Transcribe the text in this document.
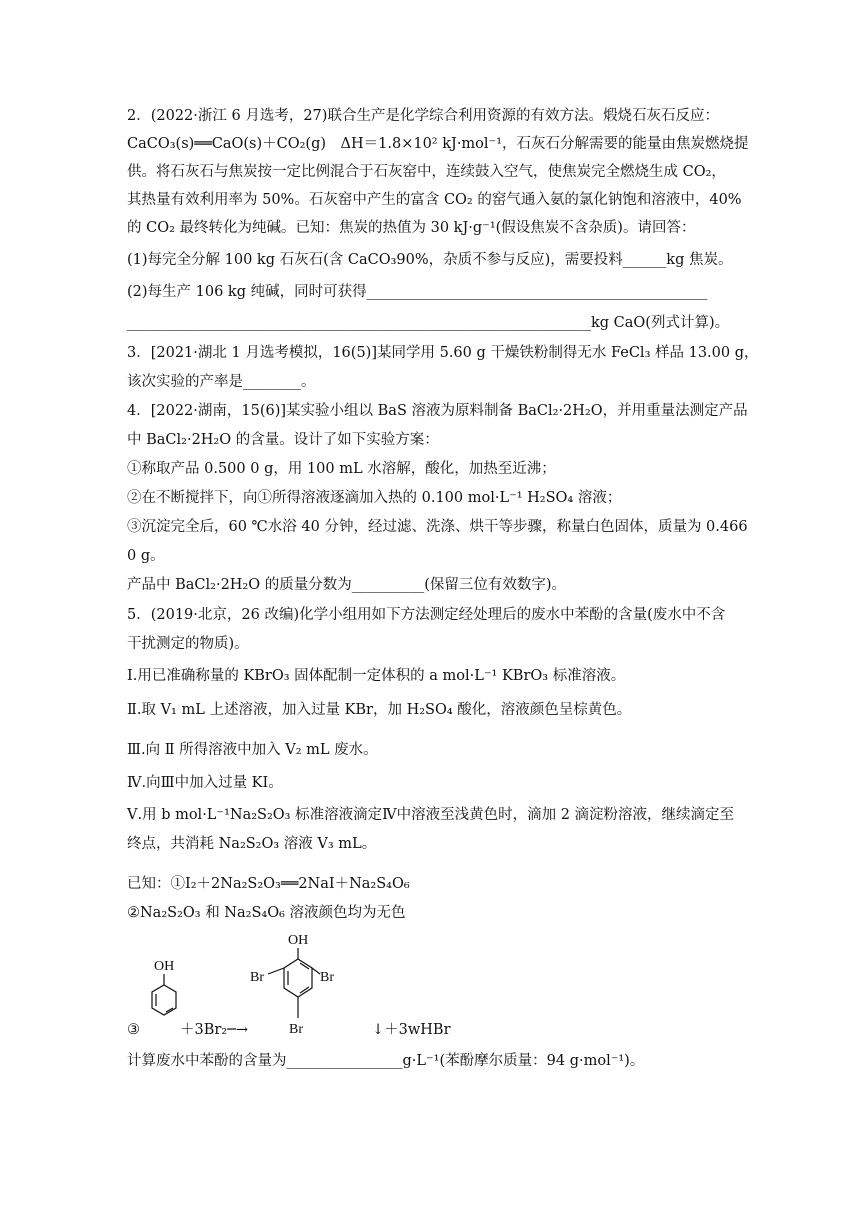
2．(2022·浙江 6 月选考，27)联合生产是化学综合利用资源的有效方法。煅烧石灰石反应：
CaCO₃(s)══CaO(s)＋CO₂(g)　ΔH＝1.8×10² kJ·mol⁻¹，石灰石分解需要的能量由焦炭燃烧提
供。将石灰石与焦炭按一定比例混合于石灰窑中，连续鼓入空气，使焦炭完全燃烧生成 CO₂，
其热量有效利用率为 50%。石灰窑中产生的富含 CO₂ 的窑气通入氨的氯化钠饱和溶液中，40%
的 CO₂ 最终转化为纯碱。已知：焦炭的热值为 30 kJ·g⁻¹(假设焦炭不含杂质)。请回答：
(1)每完全分解 100 kg 石灰石(含 CaCO₃90%，杂质不参与反应)，需要投料______kg 焦炭。
(2)每生产 106 kg 纯碱，同时可获得_______________________________________________
________________________________________________________________kg CaO(列式计算)。
3．[2021·湖北 1 月选考模拟，16(5)]某同学用 5.60 g 干燥铁粉制得无水 FeCl₃ 样品 13.00 g，
该次实验的产率是________。
4．[2022·湖南，15(6)]某实验小组以 BaS 溶液为原料制备 BaCl₂·2H₂O，并用重量法测定产品
中 BaCl₂·2H₂O 的含量。设计了如下实验方案：
①称取产品 0.500 0 g，用 100 mL 水溶解，酸化，加热至近沸；
②在不断搅拌下，向①所得溶液逐滴加入热的 0.100 mol·L⁻¹ H₂SO₄ 溶液；
③沉淀完全后，60 ℃水浴 40 分钟，经过滤、洗涤、烘干等步骤，称量白色固体，质量为 0.466
0 g。
产品中 BaCl₂·2H₂O 的质量分数为__________(保留三位有效数字)。
5．(2019·北京，26 改编)化学小组用如下方法测定经处理后的废水中苯酚的含量(废水中不含
干扰测定的物质)。
Ⅰ.用已准确称量的 KBrO₃ 固体配制一定体积的 a mol·L⁻¹ KBrO₃ 标准溶液。
Ⅱ.取 V₁ mL 上述溶液，加入过量 KBr，加 H₂SO₄ 酸化，溶液颜色呈棕黄色。
Ⅲ.向 Ⅱ 所得溶液中加入 V₂ mL 废水。
Ⅳ.向Ⅲ中加入过量 KI。
Ⅴ.用 b mol·L⁻¹Na₂S₂O₃ 标准溶液滴定Ⅳ中溶液至浅黄色时，滴加 2 滴淀粉溶液，继续滴定至
终点，共消耗 Na₂S₂O₃ 溶液 V₃ mL。
已知：①I₂＋2Na₂S₂O₃══2NaI＋Na₂S₄O₆
②Na₂S₂O₃ 和 Na₂S₄O₆ 溶液颜色均为无色
③
OH
＋3Br₂─→
OH
Br	Br
Br	↓＋3wHBr
计算废水中苯酚的含量为________________g·L⁻¹(苯酚摩尔质量：94 g·mol⁻¹)。
